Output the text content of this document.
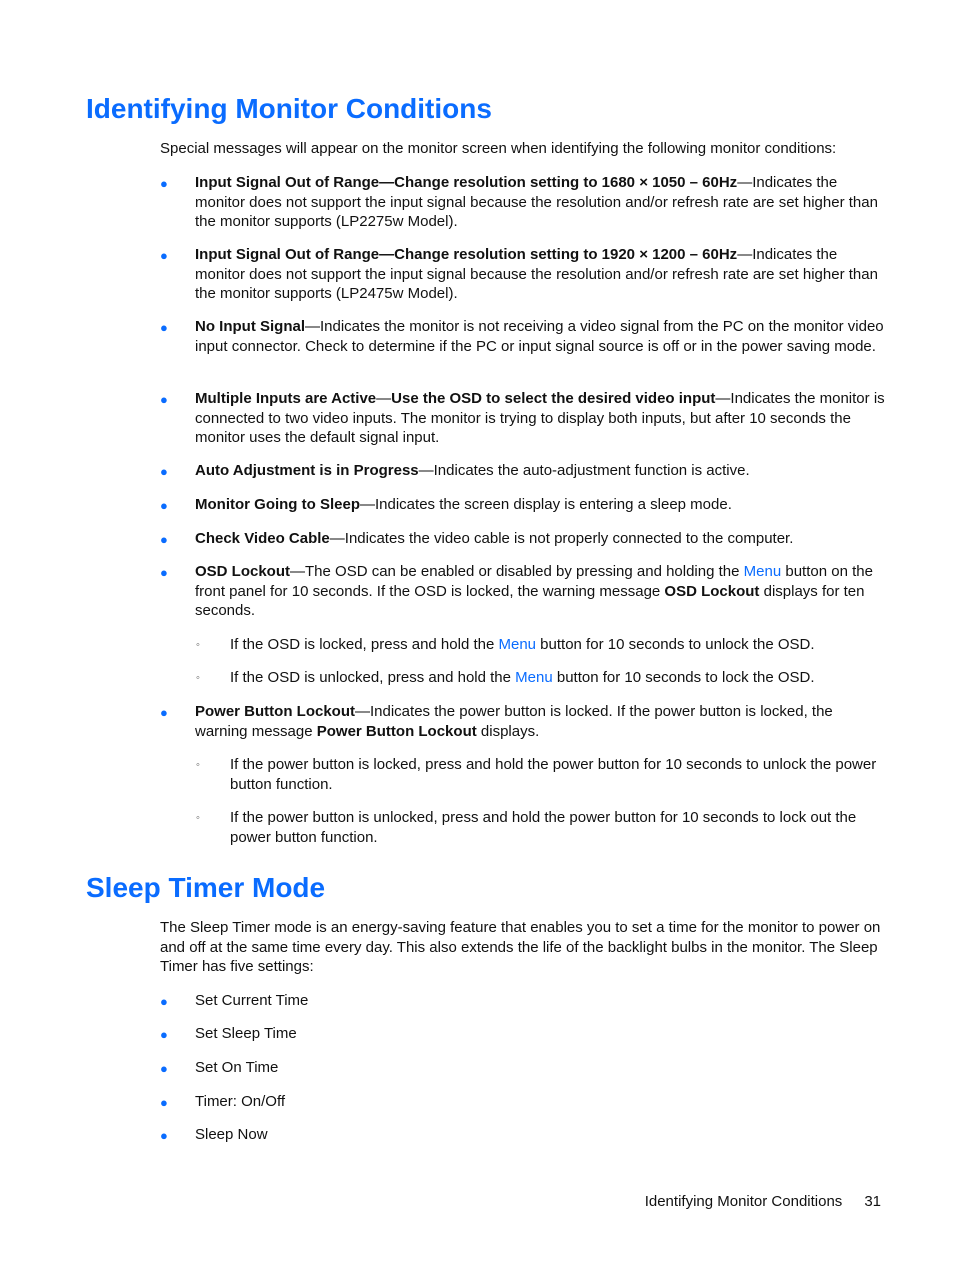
Identifying Monitor Conditions

Special messages will appear on the monitor screen when identifying the following monitor conditions:

● Input Signal Out of Range—Change resolution setting to 1680 × 1050 – 60Hz—Indicates the monitor does not support the input signal because the resolution and/or refresh rate are set higher than the monitor supports (LP2275w Model).

● Input Signal Out of Range—Change resolution setting to 1920 × 1200 – 60Hz—Indicates the monitor does not support the input signal because the resolution and/or refresh rate are set higher than the monitor supports (LP2475w Model).

● No Input Signal—Indicates the monitor is not receiving a video signal from the PC on the monitor video input connector. Check to determine if the PC or input signal source is off or in the power saving mode.

● Multiple Inputs are Active—Use the OSD to select the desired video input—Indicates the monitor is connected to two video inputs. The monitor is trying to display both inputs, but after 10 seconds the monitor uses the default signal input.

● Auto Adjustment is in Progress—Indicates the auto-adjustment function is active.

● Monitor Going to Sleep—Indicates the screen display is entering a sleep mode.

● Check Video Cable—Indicates the video cable is not properly connected to the computer.

● OSD Lockout—The OSD can be enabled or disabled by pressing and holding the Menu button on the front panel for 10 seconds. If the OSD is locked, the warning message OSD Lockout displays for ten seconds.

◦	If the OSD is locked, press and hold the Menu button for 10 seconds to unlock the OSD.

◦	If the OSD is unlocked, press and hold the Menu button for 10 seconds to lock the OSD.

● Power Button Lockout—Indicates the power button is locked. If the power button is locked, the warning message Power Button Lockout displays.

◦	If the power button is locked, press and hold the power button for 10 seconds to unlock the power button function.

◦	If the power button is unlocked, press and hold the power button for 10 seconds to lock out the power button function.

Sleep Timer Mode

The Sleep Timer mode is an energy-saving feature that enables you to set a time for the monitor to power on and off at the same time every day. This also extends the life of the backlight bulbs in the monitor. The Sleep Timer has five settings:

● Set Current Time

● Set Sleep Time

● Set On Time

● Timer: On/Off

● Sleep Now

Identifying Monitor Conditions 31
